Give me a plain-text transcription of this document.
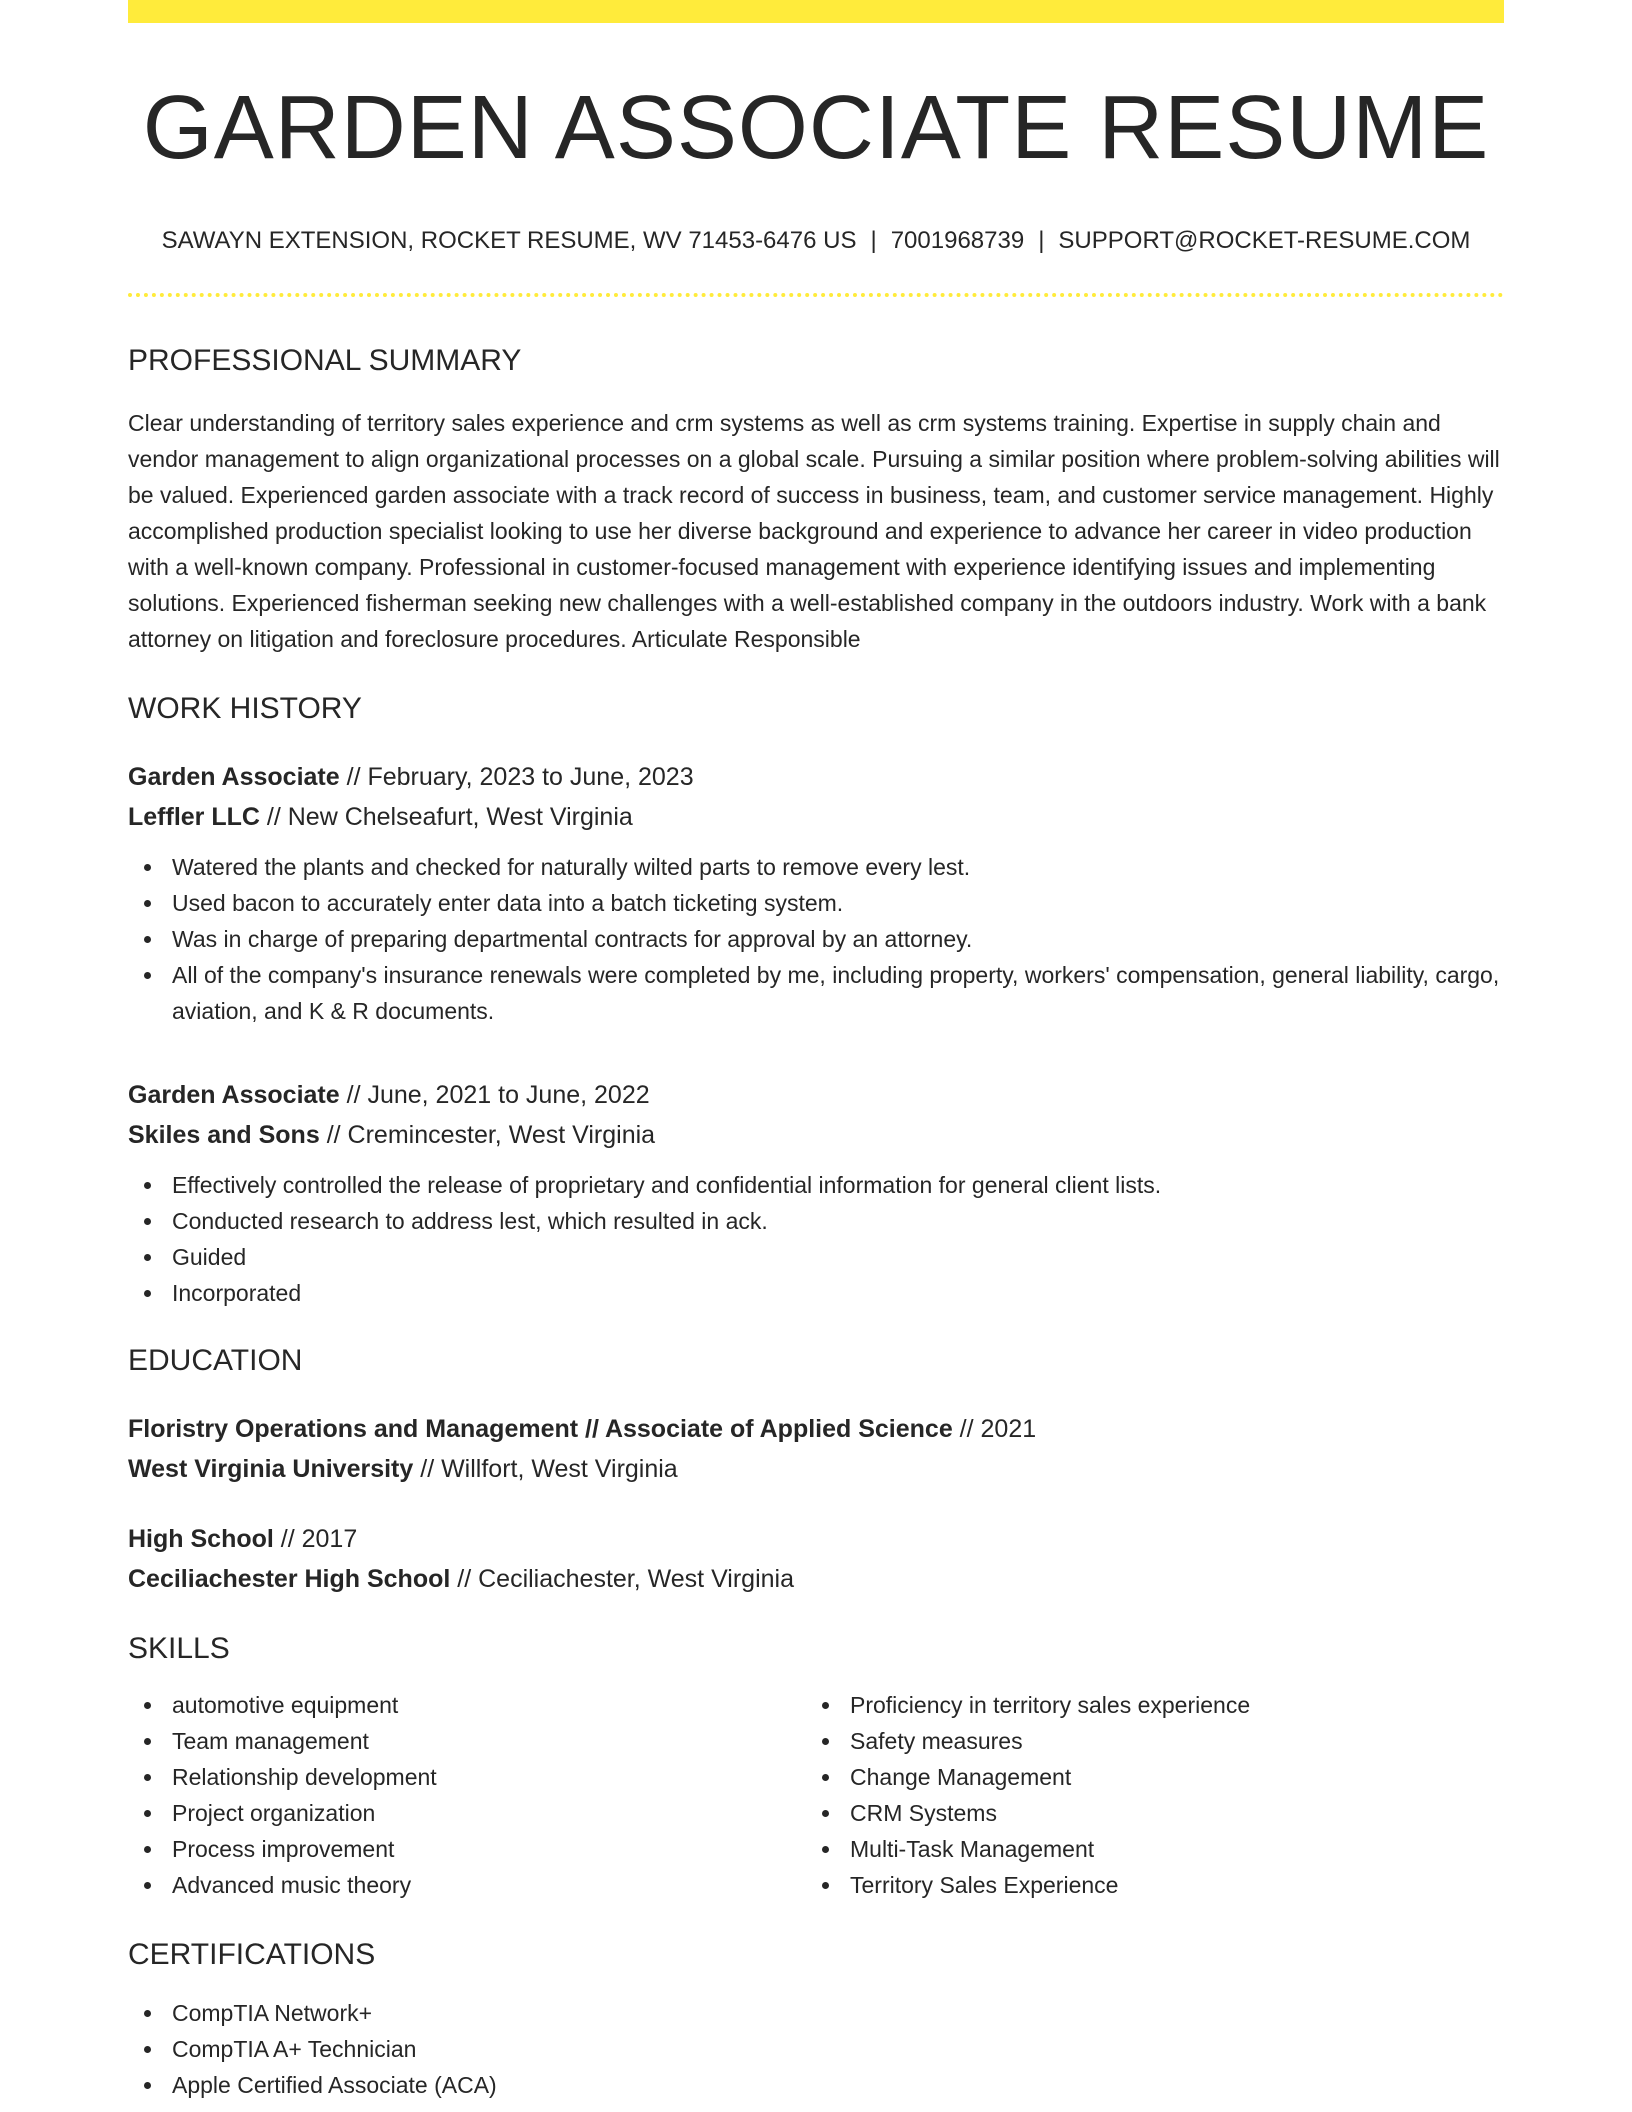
GARDEN ASSOCIATE RESUME
SAWAYN EXTENSION, ROCKET RESUME, WV 71453-6476 US | 7001968739 | SUPPORT@ROCKET-RESUME.COM
PROFESSIONAL SUMMARY
Clear understanding of territory sales experience and crm systems as well as crm systems training. Expertise in supply chain and vendor management to align organizational processes on a global scale. Pursuing a similar position where problem-solving abilities will be valued. Experienced garden associate with a track record of success in business, team, and customer service management. Highly accomplished production specialist looking to use her diverse background and experience to advance her career in video production with a well-known company. Professional in customer-focused management with experience identifying issues and implementing solutions. Experienced fisherman seeking new challenges with a well-established company in the outdoors industry. Work with a bank attorney on litigation and foreclosure procedures. Articulate Responsible
WORK HISTORY
Garden Associate // February, 2023 to June, 2023
Leffler LLC // New Chelseafurt, West Virginia
Watered the plants and checked for naturally wilted parts to remove every lest.
Used bacon to accurately enter data into a batch ticketing system.
Was in charge of preparing departmental contracts for approval by an attorney.
All of the company's insurance renewals were completed by me, including property, workers' compensation, general liability, cargo, aviation, and K & R documents.
Garden Associate // June, 2021 to June, 2022
Skiles and Sons // Cremincester, West Virginia
Effectively controlled the release of proprietary and confidential information for general client lists.
Conducted research to address lest, which resulted in ack.
Guided
Incorporated
EDUCATION
Floristry Operations and Management // Associate of Applied Science // 2021
West Virginia University // Willfort, West Virginia
High School // 2017
Ceciliachester High School // Ceciliachester, West Virginia
SKILLS
automotive equipment
Team management
Relationship development
Project organization
Process improvement
Advanced music theory
Proficiency in territory sales experience
Safety measures
Change Management
CRM Systems
Multi-Task Management
Territory Sales Experience
CERTIFICATIONS
CompTIA Network+
CompTIA A+ Technician
Apple Certified Associate (ACA)
